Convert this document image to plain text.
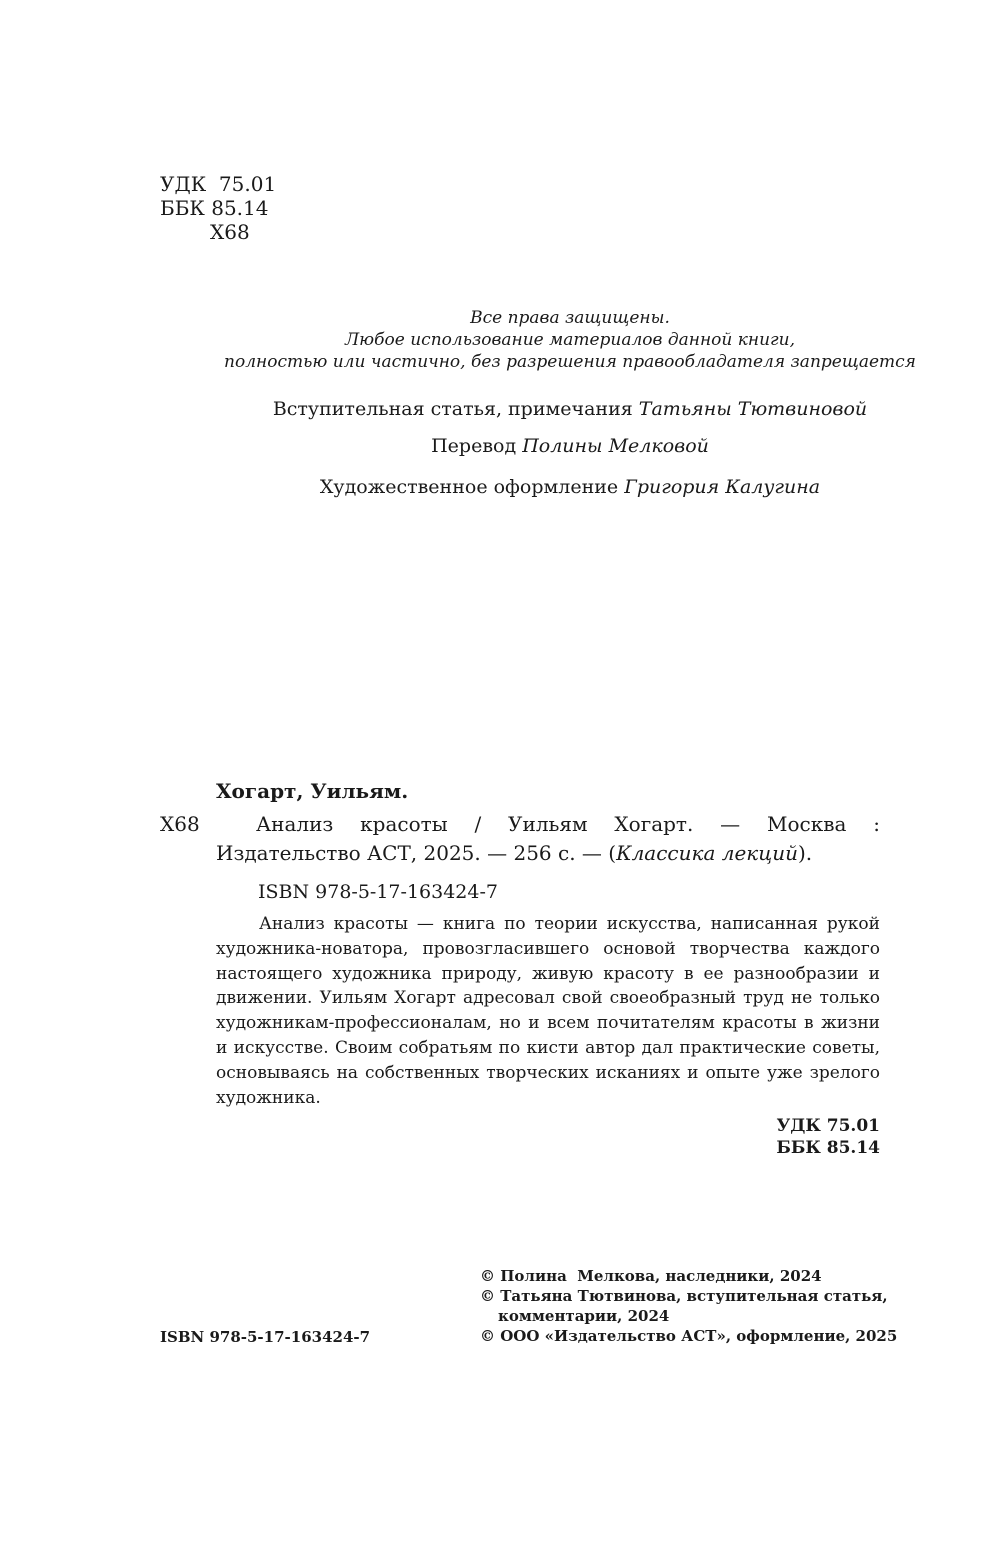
УДК 75.01
ББК 85.14
Х68
Все права защищены.
Любое использование материалов данной книги,
полностью или частично, без разрешения правообладателя запрещается
Вступительная статья, примечания Татьяны Тютвиновой
Перевод Полины Мелковой
Художественное оформление Григория Калугина
Хогарт, Уильям.
Х68	Анализ красоты / Уильям Хогарт. — Москва : Издательство АСТ, 2025. — 256 с. — (Классика лекций).
ISBN 978-5-17-163424-7
Анализ красоты — книга по теории искусства, написанная рукой художника-новатора, провозгласившего основой творчества каждого настоящего художника природу, живую красоту в ее разнообразии и движении. Уильям Хогарт адресовал свой своеобразный труд не только художникам-профессионалам, но и всем почитателям красоты в жизни и искусстве. Своим собратьям по кисти автор дал практические советы, основываясь на собственных творческих исканиях и опыте уже зрелого художника.
УДК 75.01
ББК 85.14
ISBN 978-5-17-163424-7
© Полина  Мелкова, наследники, 2024
© Татьяна Тютвинова, вступительная статья,
комментарии, 2024
© ООО «Издательство АСТ», оформление, 2025
